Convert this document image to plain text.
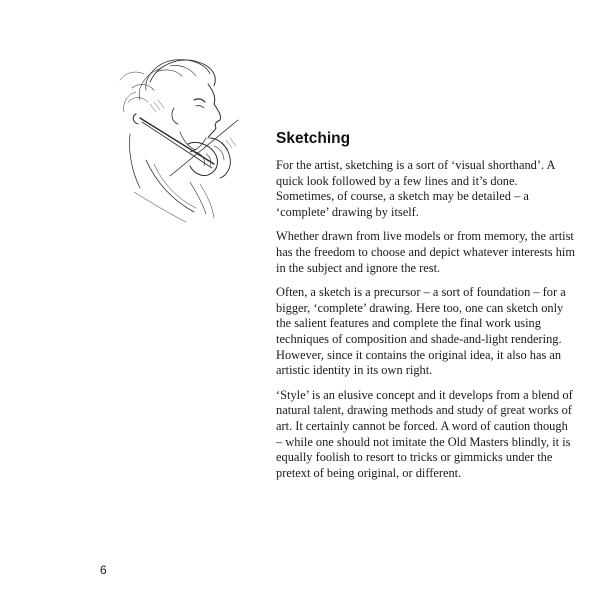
Sketching

For the artist, sketching is a sort of ‘visual shorthand’. A quick look followed by a few lines and it’s done. Sometimes, of course, a sketch may be detailed – a ‘complete’ drawing by itself.

Whether drawn from live models or from memory, the artist has the freedom to choose and depict whatever interests him in the subject and ignore the rest.

Often, a sketch is a precursor – a sort of foundation – for a bigger, ‘complete’ drawing. Here too, one can sketch only the salient features and complete the final work using techniques of composition and shade-and-light rendering. However, since it contains the original idea, it also has an artistic identity in its own right.

‘Style’ is an elusive concept and it develops from a blend of natural talent, drawing methods and study of great works of art. It certainly cannot be forced. A word of caution though – while one should not imitate the Old Masters blindly, it is equally foolish to resort to tricks or gimmicks under the pretext of being original, or different.

6
